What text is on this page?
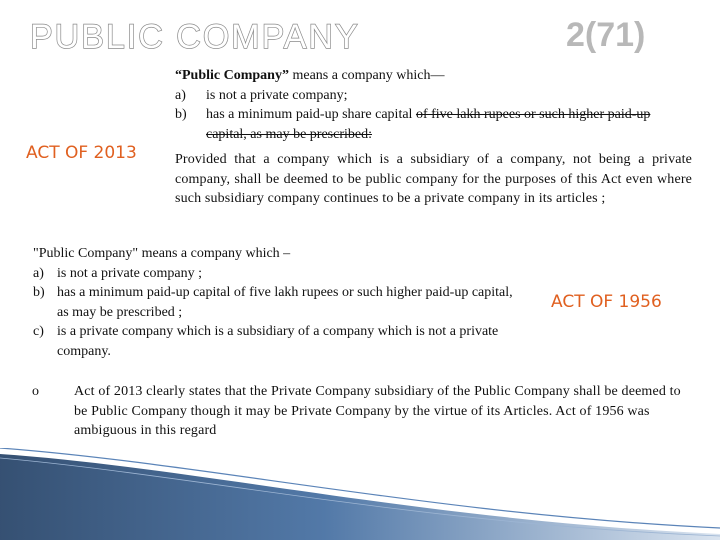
PUBLIC COMPANY	2(71)
ACT OF 2013

“Public Company” means a company which—

a)	is not a private company;

b)	has a minimum paid-up share capital of five lakh rupees or such higher paid-up capital, as may be prescribed:

Provided that a company which is a subsidiary of a company, not being a private company, shall be deemed to be public company for the purposes of this Act even where such subsidiary company continues to be a private company in its articles ;

"Public Company" means a company which –

a) is not a private company ;

b) has a minimum paid-up capital of five lakh rupees or such higher paid-up capital, as may be prescribed ;

c) is a private company which is a subsidiary of a company which is not a private company.

ACT OF 1956
o	Act of 2013 clearly states that the Private Company subsidiary of the Public Company shall be deemed to be Public Company though it may be Private Company by the virtue of its Articles. Act of 1956 was ambiguous in this regard
